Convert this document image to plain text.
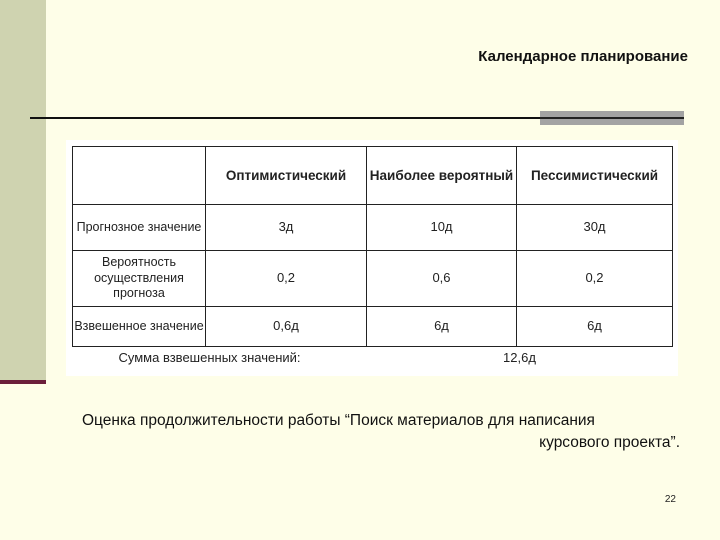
Календарное планирование
	Оптимистический	Наиболее вероятный	Пессимистический
Прогнозное значение	3д	10д	30д
Вероятность осуществления прогноза	0,2	0,6	0,2
Взвешенное значение	0,6д	6д	6д
Сумма взвешенных значений:		12,6д	
Оценка продолжительности работы “Поиск материалов для написания
курсового проекта”.
22
